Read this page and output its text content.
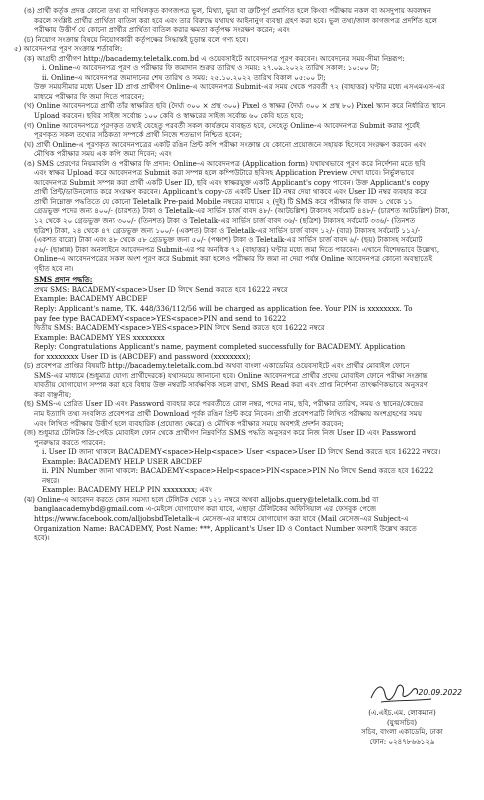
(ঙ) প্রার্থী কর্তৃক প্রদত্ত কোনো তথ্য বা দাখিলকৃত কাগজপত্র ভুল, মিথ্যা, ভুয়া বা ত্রুটিপূর্ণ প্রমাণিত হলে কিংবা পরীক্ষায় নকল বা অসদুপায় অবলম্বন

করলে সংশ্লিষ্ট প্রার্থীর প্রার্থিতা বাতিল করা হবে এবং তার বিরুদ্ধে যথাযথ আইনানুগ ব্যবস্থা গ্রহণ করা হবে। ভুল তথ্য/জাল কাগজপত্র প্রদর্শিত হলে

পরীক্ষায় উত্তীর্ণ যে কোনো প্রার্থীর প্রার্থিতা বাতিল করার ক্ষমতা কর্তৃপক্ষ সংরক্ষণ করেন; এবং

(চ) নিয়োগ সংক্রান্ত বিষয়ে নিয়োগকারী কর্তৃপক্ষের সিদ্ধান্তই চূড়ান্ত বলে গণ্য হবে।

৫) আবেদনপত্র পূরণ সংক্রান্ত শর্তাবলি:

(ক) আগ্রহী প্রার্থীগণ http://bacademy.teletalk.com.bd এ ওয়েবসাইটে আবেদনপত্র পূরণ করবেন। আবেদনের সময়-সীমা নিম্নরূপ:

i. Online-এ আবেদনপত্র পূরণ ও পরীক্ষার ফি জমাদান শুরুর তারিখ ও সময়: ২৭.০৯.২০২২ তারিখ সকাল: ১০:০০ টা;

ii. Online-এ আবেদনপত্র জমাদানের শেষ তারিখ ও সময়: ২৫.১০.২০২২ তারিখ বিকাল ০৫:০০ টা;

উক্ত সময়সীমার মধ্যে User ID প্রাপ্ত প্রার্থীগণ Online-এ আবেদনপত্র Submit-এর সময় থেকে পরবর্তী ৭২ (বাহাত্তর) ঘণ্টার মধ্যে এসএমএস-এর

মাধ্যমে পরীক্ষার ফি জমা দিতে পারবেন;

(খ) Online আবেদনপত্রে প্রার্থী তাঁর স্বাক্ষরিত ছবি (দৈর্ঘ্য ৩০০ × প্রস্থ ৩০০) Pixel ও স্বাক্ষর (দৈর্ঘ্য ৩০০ × প্রস্থ ৮০) Pixel স্ক্যান করে নির্ধারিত স্থানে

Upload করবেন। ছবির সাইজ সর্বোচ্চ ১০০ কেবি ও স্বাক্ষরের সাইজ সর্বোচ্চ ৬০ কেবি হতে হবে;

(গ) Online আবেদনপত্রে পূরণকৃত তথ্যই যেহেতু পরবর্তী সকল কার্যক্রমে ব্যবহৃত হবে, সেহেতু Online-এ আবেদনপত্র Submit করার পূর্বেই

পূরণকৃত সকল তথ্যের সঠিকতা সম্পর্কে প্রার্থী নিজে শতভাগ নিশ্চিত হবেন;

(ঘ) প্রার্থী Online-এ পূরণকৃত আবেদনপত্রের একটি রঙিন প্রিন্ট কপি পরীক্ষা সংক্রান্ত যে কোনো প্রয়োজনে সহায়ক হিসেবে সংরক্ষণ করবেন এবং

মৌখিক পরীক্ষার সময় এক কপি জমা দিবেন; এবং

(ঙ) SMS প্রেরণের নিয়মাবলি ও পরীক্ষার ফি প্রদান: Online-এ আবেদনপত্র (Application form) যথাযথভাবে পূরণ করে নির্দেশনা মতে ছবি

এবং স্বাক্ষর Upload করে আবেদনপত্র Submit করা সম্পন্ন হলে কম্পিউটারে ছবিসহ Application Preview দেখা যাবে। নির্ভুলভাবে

আবেদনপত্র Submit সম্পন্ন করা প্রার্থী একটি User ID, ছবি এবং স্বাক্ষরযুক্ত একটি Applicant's copy পাবেন। উক্ত Applicant's copy

প্রার্থী প্রিন্ট/ডাউনলোড করে সংরক্ষণ করবেন। Applicant's copy-তে একটি User ID নম্বর দেয়া থাকবে এবং User ID নম্বর ব্যবহার করে

প্রার্থী নিম্নোক্ত পদ্ধতিতে যে কোনো Teletalk Pre-paid Mobile নম্বরের মাধ্যমে ২ (দুই) টি SMS করে পরীক্ষার ফি বাবদ ১ থেকে ১১

গ্রেডভুক্ত পদের জন্য ৪০০/- (চারশত) টাকা ও Teletalk-এর সার্ভিস চার্জ বাবদ ৪৮/- (আটচল্লিশ) টাকাসহ সর্বমোট ৪৪৮/- (চারশত আটচল্লিশ) টাকা,

১২ থেকে ২০ গ্রেডভুক্ত জন্য ৩০০/- (তিনশত) টাকা ও Teletalk-এর সার্ভিস চার্জ বাবদ ৩৬/- (ছত্রিশ) টাকাসহ সর্বমোট ৩৩৬/- (তিনশত

ছত্রিশ) টাকা, ২৪ থেকে ৪৭ গ্রেডভুক্ত জন্য ১০০/- (একশত) টাকা ও Teletalk-এর সার্ভিস চার্জ বাবদ ১২/- (বার) টাকাসহ সর্বমোট ১১২/-

(একশত বারো) টাকা এবং ৪৮ থেকে ৫৮ গ্রেডভুক্ত জন্য ৫০/- (পঞ্চাশ) টাকা ও Teletalk-এর সার্ভিস চার্জ বাবদ ৬/- (ছয়) টাকাসহ সর্বমোট

৫৬/- (ছাপ্পান্ন) টাকা অনলাইনে আবেদনপত্র Submit-এর পর অনধিক ৭২ (বাহাত্তর) ঘণ্টার মধ্যে জমা দিতে পারবেন। এখানে বিশেষভাবে উল্লেখ্য,

Online-এ আবেদনপত্রের সকল অংশ পূরণ করে Submit করা হলেও পরীক্ষার ফি জমা না দেয়া পর্যন্ত Online আবেদনপত্র কোনো অবস্থাতেই

গৃহীত হবে না।

SMS প্রদান পদ্ধতি:

প্রথম SMS: BACADEMY<space>User ID লিখে Send করতে হবে 16222 নম্বরে

Example: BACADEMY ABCDEF

Reply: Applicant's name, TK. 448/336/112/56 will be charged as application fee. Your PIN is xxxxxxxx. To

pay fee type BACADEMY<space>YES<space>PIN and send to 16222

দ্বিতীয় SMS: BACADEMY<space>YES<space>PIN লিখে Send করতে হবে 16222 নম্বরে

Example: BACADEMY YES xxxxxxxx

Reply: Congratulations Applicant's name, payment completed successfully for BACADEMY. Application

for xxxxxxxx User ID is (ABCDEF) and password (xxxxxxxx);

(চ) প্রবেশপত্র প্রাপ্তির বিষয়টি http://bacademy.teletalk.com.bd অথবা বাংলা একাডেমির ওয়েবসাইটে এবং প্রার্থীর মোবাইল ফোনে

SMS-এর মাধ্যমে (শুধুমাত্র যোগ্য প্রার্থীদেরকে) যথাসময়ে জানানো হবে। Online আবেদনপত্রে প্রার্থীর প্রদেয় মোবাইল ফোনে পরীক্ষা সংক্রান্ত

যাবতীয় যোগাযোগ সম্পন্ন করা হবে বিধায় উক্ত নম্বরটি সার্বক্ষণিক সচল রাখা, SMS Read করা এবং প্রাপ্ত নির্দেশনা তাৎক্ষণিকভাবে অনুসরণ

করা বাঞ্ছনীয়;

(ছ) SMS-এ প্রেরিত User ID এবং Password ব্যবহার করে পরবর্তীতে রোল নম্বর, পদের নাম, ছবি, পরীক্ষার তারিখ, সময় ও স্থানের/কেন্দ্রের

নাম ইত্যাদি তথ্য সংবলিত প্রবেশপত্র প্রার্থী Download পূর্বক রঙিন প্রিন্ট করে নিবেন। প্রার্থী প্রবেশপত্রটি লিখিত পরীক্ষায় অংশগ্রহণের সময়

এবং লিখিত পরীক্ষায় উত্তীর্ণ হলে ব্যবহারিক (প্রযোজ্য ক্ষেত্রে) ও মৌখিক পরীক্ষার সময়ে অবশ্যই প্রদর্শন করবেন;

(জ) শুধুমাত্র টেলিটক প্রি-পেইড মোবাইল ফোন থেকে প্রার্থীগণ নিম্নবর্ণিত SMS পদ্ধতি অনুসরণ করে নিজ নিজ User ID এবং Password

পুনরুদ্ধার করতে পারবেন:

i. User ID জানা থাকলে BACADEMY<space>Help<space> User <space>User ID লিখে Send করতে হবে 16222 নম্বরে।

Example: BACADEMY HELP USER ABCDEF

ii. PIN Number জানা থাকলে: BACADEMY<space>Help<space>PIN<space>PIN No লিখে Send করতে হবে 16222

নম্বরে।

Example: BACADEMY HELP PIN xxxxxxxx; এবং

(ঝ) Online-এ আবেদন করতে কোন সমস্যা হলে টেলিটক থেকে ১২১ নম্বরে অথবা alljobs.query@teletalk.com.bd বা

banglaacademybd@gmail.com এ-মেইলে যোগাযোগ করা যাবে, এছাড়া টেলিটকের অফিসিয়াল এর ফেসবুক পেজে

https://www.facebook.com/alljobsbdTeletalk-এ মেসেজ-এর মাধ্যমে যোগাযোগ করা যাবে (Mail মেসেজ-এর Subject-এ

Organization Name: BACADEMY, Post Name: ***, Applicant's User ID ও Contact Number অবশ্যই উল্লেখ করতে

হবে)।

20.09.2022
(এ.এইচ.এম. লোকমান)
(যুগ্মসচিব)
সচিব, বাংলা একাডেমি, ঢাকা
ফোন: ০২৪৭৮৬৬১২৯
